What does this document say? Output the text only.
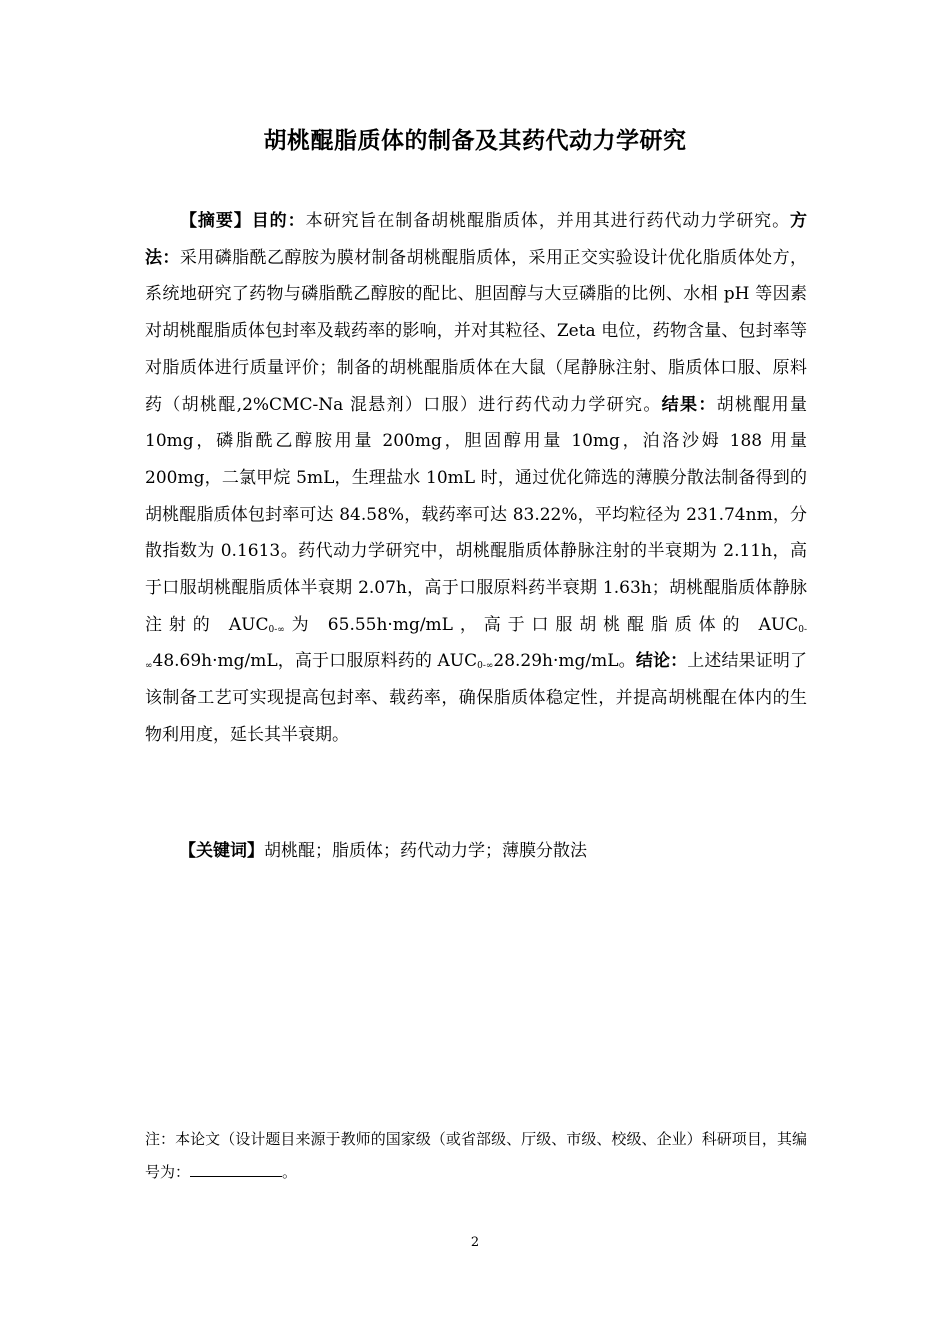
胡桃醌脂质体的制备及其药代动力学研究

【摘要】目的：本研究旨在制备胡桃醌脂质体，并用其进行药代动力学研究。方法：采用磷脂酰乙醇胺为膜材制备胡桃醌脂质体，采用正交实验设计优化脂质体处方，系统地研究了药物与磷脂酰乙醇胺的配比、胆固醇与大豆磷脂的比例、水相 pH 等因素对胡桃醌脂质体包封率及载药率的影响，并对其粒径、Zeta 电位，药物含量、包封率等对脂质体进行质量评价；制备的胡桃醌脂质体在大鼠（尾静脉注射、脂质体口服、原料药（胡桃醌,2%CMC-Na 混悬剂）口服）进行药代动力学研究。结果：胡桃醌用量 10mg，磷脂酰乙醇胺用量 200mg，胆固醇用量 10mg，泊洛沙姆 188 用量 200mg，二氯甲烷 5mL，生理盐水 10mL 时，通过优化筛选的薄膜分散法制备得到的胡桃醌脂质体包封率可达 84.58%，载药率可达 83.22%，平均粒径为 231.74nm，分散指数为 0.1613。药代动力学研究中，胡桃醌脂质体静脉注射的半衰期为 2.11h，高于口服胡桃醌脂质体半衰期 2.07h，高于口服原料药半衰期 1.63h；胡桃醌脂质体静脉注射的 $AUC_{0-\infty}$为 65.55h·mg/mL，高于口服胡桃醌脂质体的 $AUC_{0-\infty}48.69h\cdot mg/mL$，高于口服原料药的 $AUC_{0-\infty}28.29h\cdot mg/mL$。结论：上述结果证明了该制备工艺可实现提高包封率、载药率，确保脂质体稳定性，并提高胡桃醌在体内的生物利用度，延长其半衰期。

【关键词】胡桃醌；脂质体；药代动力学；薄膜分散法

注：本论文（设计题目来源于教师的国家级（或省部级、厅级、市级、校级、企业）科研项目，其编号为：	。

2
